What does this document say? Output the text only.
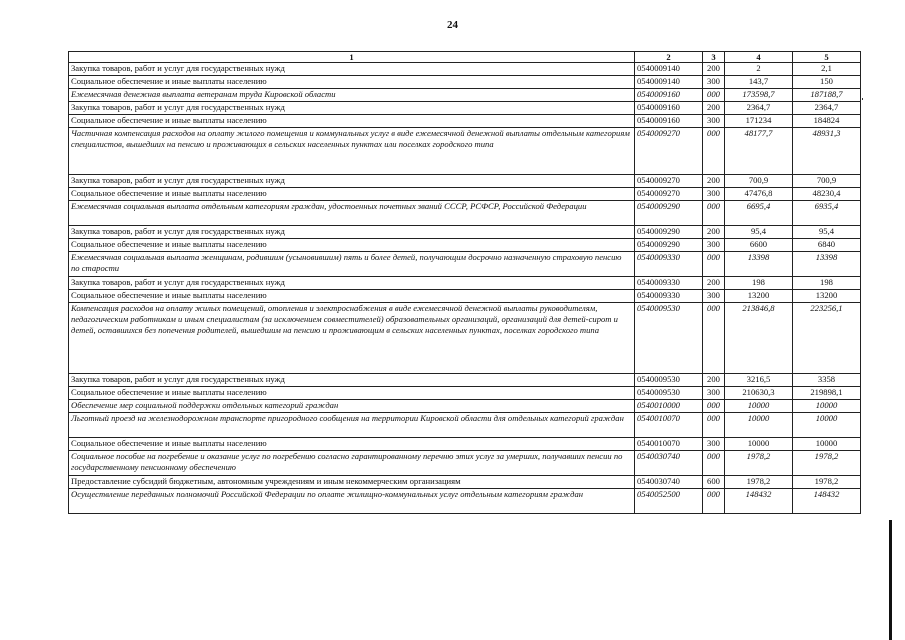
24
1	2	3	4	5
Закупка товаров, работ и услуг для государственных нужд	0540009140	200	2	2,1
Социальное обеспечение и иные выплаты населению	0540009140	300	143,7	150
Ежемесячная денежная выплата ветеранам труда Кировской области	0540009160	000	173598,7	187188,7
Закупка товаров, работ и услуг для государственных нужд	0540009160	200	2364,7	2364,7
Социальное обеспечение и иные выплаты населению	0540009160	300	171234	184824
Частичная компенсация расходов на оплату жилого помещения и коммунальных услуг в виде ежемесячной денежной выплаты отдельным категориям специалистов, вышедших на пенсию и проживающих в сельских населенных пунктах или поселках городского типа	0540009270	000	48177,7	48931,3
Закупка товаров, работ и услуг для государственных нужд	0540009270	200	700,9	700,9
Социальное обеспечение и иные выплаты населению	0540009270	300	47476,8	48230,4
Ежемесячная социальная выплата отдельным категориям граждан, удостоенных почетных званий СССР, РСФСР, Российской Федерации	0540009290	000	6695,4	6935,4
Закупка товаров, работ и услуг для государственных нужд	0540009290	200	95,4	95,4
Социальное обеспечение и иные выплаты населению	0540009290	300	6600	6840
Ежемесячная социальная выплата женщинам, родившим (усыновившим) пять и более детей, получающим досрочно назначенную страховую пенсию по старости	0540009330	000	13398	13398
Закупка товаров, работ и услуг для государственных нужд	0540009330	200	198	198
Социальное обеспечение и иные выплаты населению	0540009330	300	13200	13200
Компенсация расходов на оплату жилых помещений, отопления и электроснабжения в виде ежемесячной денежной выплаты руководителям, педагогическим работникам и иным специалистам (за исключением совместителей) образовательных организаций, организаций для детей-сирот и детей, оставшихся без попечения родителей, вышедшим на пенсию и проживающим в сельских населенных пунктах, поселках городского типа	0540009530	000	213846,8	223256,1
Закупка товаров, работ и услуг для государственных нужд	0540009530	200	3216,5	3358
Социальное обеспечение и иные выплаты населению	0540009530	300	210630,3	219898,1
Обеспечение мер социальной поддержки отдельных категорий граждан	0540010000	000	10000	10000
Льготный проезд на железнодорожном транспорте пригородного сообщения на территории Кировской области для отдельных категорий граждан	0540010070	000	10000	10000
Социальное обеспечение и иные выплаты населению	0540010070	300	10000	10000
Социальное пособие на погребение и оказание услуг по погребению согласно гарантированному перечню этих услуг за умерших, получавших пенсии по государственному пенсионному обеспечению	0540030740	000	1978,2	1978,2
Предоставление субсидий бюджетным, автономным учреждениям и иным некоммерческим организациям	0540030740	600	1978,2	1978,2
Осуществление переданных полномочий Российской Федерации по оплате жилищно-коммунальных услуг отдельным категориям граждан	0540052500	000	148432	148432
